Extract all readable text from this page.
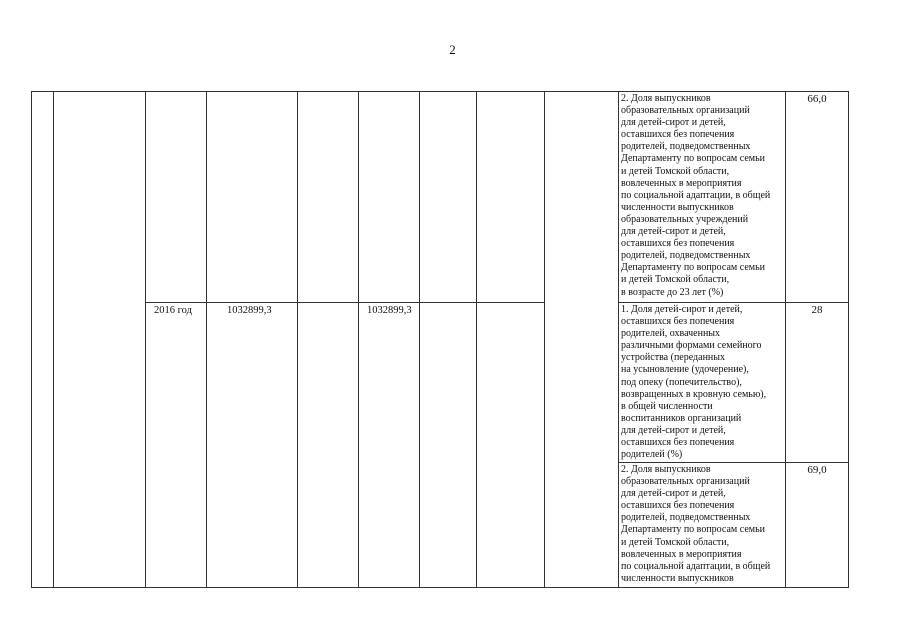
2
2016 год	1032899,3	1032899,3
2. Доля выпускников
образовательных организаций
для детей-сирот и детей,
оставшихся без попечения
родителей, подведомственных
Департаменту по вопросам семьи
и детей Томской области,
вовлеченных в мероприятия
по социальной адаптации, в общей
численности выпускников
образовательных учреждений
для детей-сирот и детей,
оставшихся без попечения
родителей, подведомственных
Департаменту по вопросам семьи
и детей Томской области,
в возрасте до 23 лет (%)
1. Доля детей-сирот и детей,
оставшихся без попечения
родителей, охваченных
различными формами семейного
устройства (переданных
на усыновление (удочерение),
под опеку (попечительство),
возвращенных в кровную семью),
в общей численности
воспитанников организаций
для детей-сирот и детей,
оставшихся без попечения
родителей (%)
2. Доля выпускников
образовательных организаций
для детей-сирот и детей,
оставшихся без попечения
родителей, подведомственных
Департаменту по вопросам семьи
и детей Томской области,
вовлеченных в мероприятия
по социальной адаптации, в общей
численности выпускников
66,0
28
69,0
